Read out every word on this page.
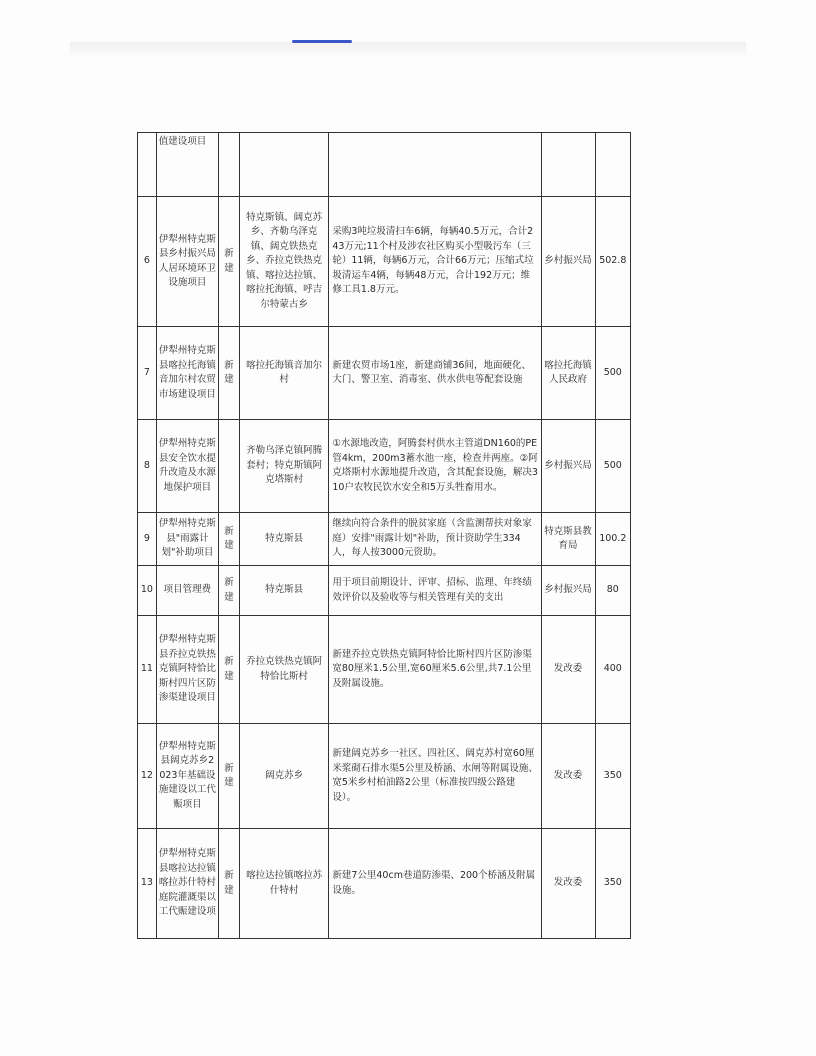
	值建设项目					
6	伊犁州特克斯县乡村振兴局人居环境环卫设施项目	新建	特克斯镇、阔克苏乡、齐勒乌泽克镇、阔克铁热克乡、乔拉克铁热克镇、喀拉达拉镇、喀拉托海镇、呼吉尔特蒙古乡	采购3吨垃圾清扫车6辆，每辆40.5万元，合计243万元;11个村及涉农社区购买小型吸污车（三轮）11辆，每辆6万元，合计66万元；压缩式垃圾清运车4辆，每辆48万元，合计192万元；维修工具1.8万元。	乡村振兴局	502.8
7	伊犁州特克斯县喀拉托海镇音加尔村农贸市场建设项目	新建	喀拉托海镇音加尔村	新建农贸市场1座，新建商铺36间，地面硬化、大门、警卫室、消毒室、供水供电等配套设施	喀拉托海镇人民政府	500
8	伊犁州特克斯县安全饮水提升改造及水源地保护项目		齐勒乌泽克镇阿腾套村；特克斯镇阿克塔斯村	①水源地改造，阿腾套村供水主管道DN160的PE管4km，200m3蓄水池一座，检查井两座。②阿克塔斯村水源地提升改造，含其配套设施，解决310户农牧民饮水安全和5万头牲畜用水。	乡村振兴局	500
9	伊犁州特克斯县"雨露计划"补助项目	新建	特克斯县	继续向符合条件的脱贫家庭（含监测帮扶对象家庭）安排"雨露计划"补助，预计资助学生334人，每人按3000元资助。	特克斯县教育局	100.2
10	项目管理费	新建	特克斯县	用于项目前期设计、评审、招标、监理、年终绩效评价以及验收等与相关管理有关的支出	乡村振兴局	80
11	伊犁州特克斯县乔拉克铁热克镇阿特恰比斯村四片区防渗渠建设项目	新建	乔拉克铁热克镇阿特恰比斯村	新建乔拉克铁热克镇阿特恰比斯村四片区防渗渠宽80厘米1.5公里,宽60厘米5.6公里,共7.1公里及附属设施。	发改委	400
12	伊犁州特克斯县阔克苏乡2023年基础设施建设以工代赈项目	新建	阔克苏乡	新建阔克苏乡一社区、四社区、阔克苏村宽60厘米浆砌石排水渠5公里及桥涵、水闸等附属设施、宽5米乡村柏油路2公里（标准按四级公路建设）。	发改委	350
13	伊犁州特克斯县喀拉达拉镇喀拉苏什特村庭院灌溉渠以工代赈建设项	新建	喀拉达拉镇喀拉苏什特村	新建7公里40cm巷道防渗渠、200个桥涵及附属设施。	发改委	350
